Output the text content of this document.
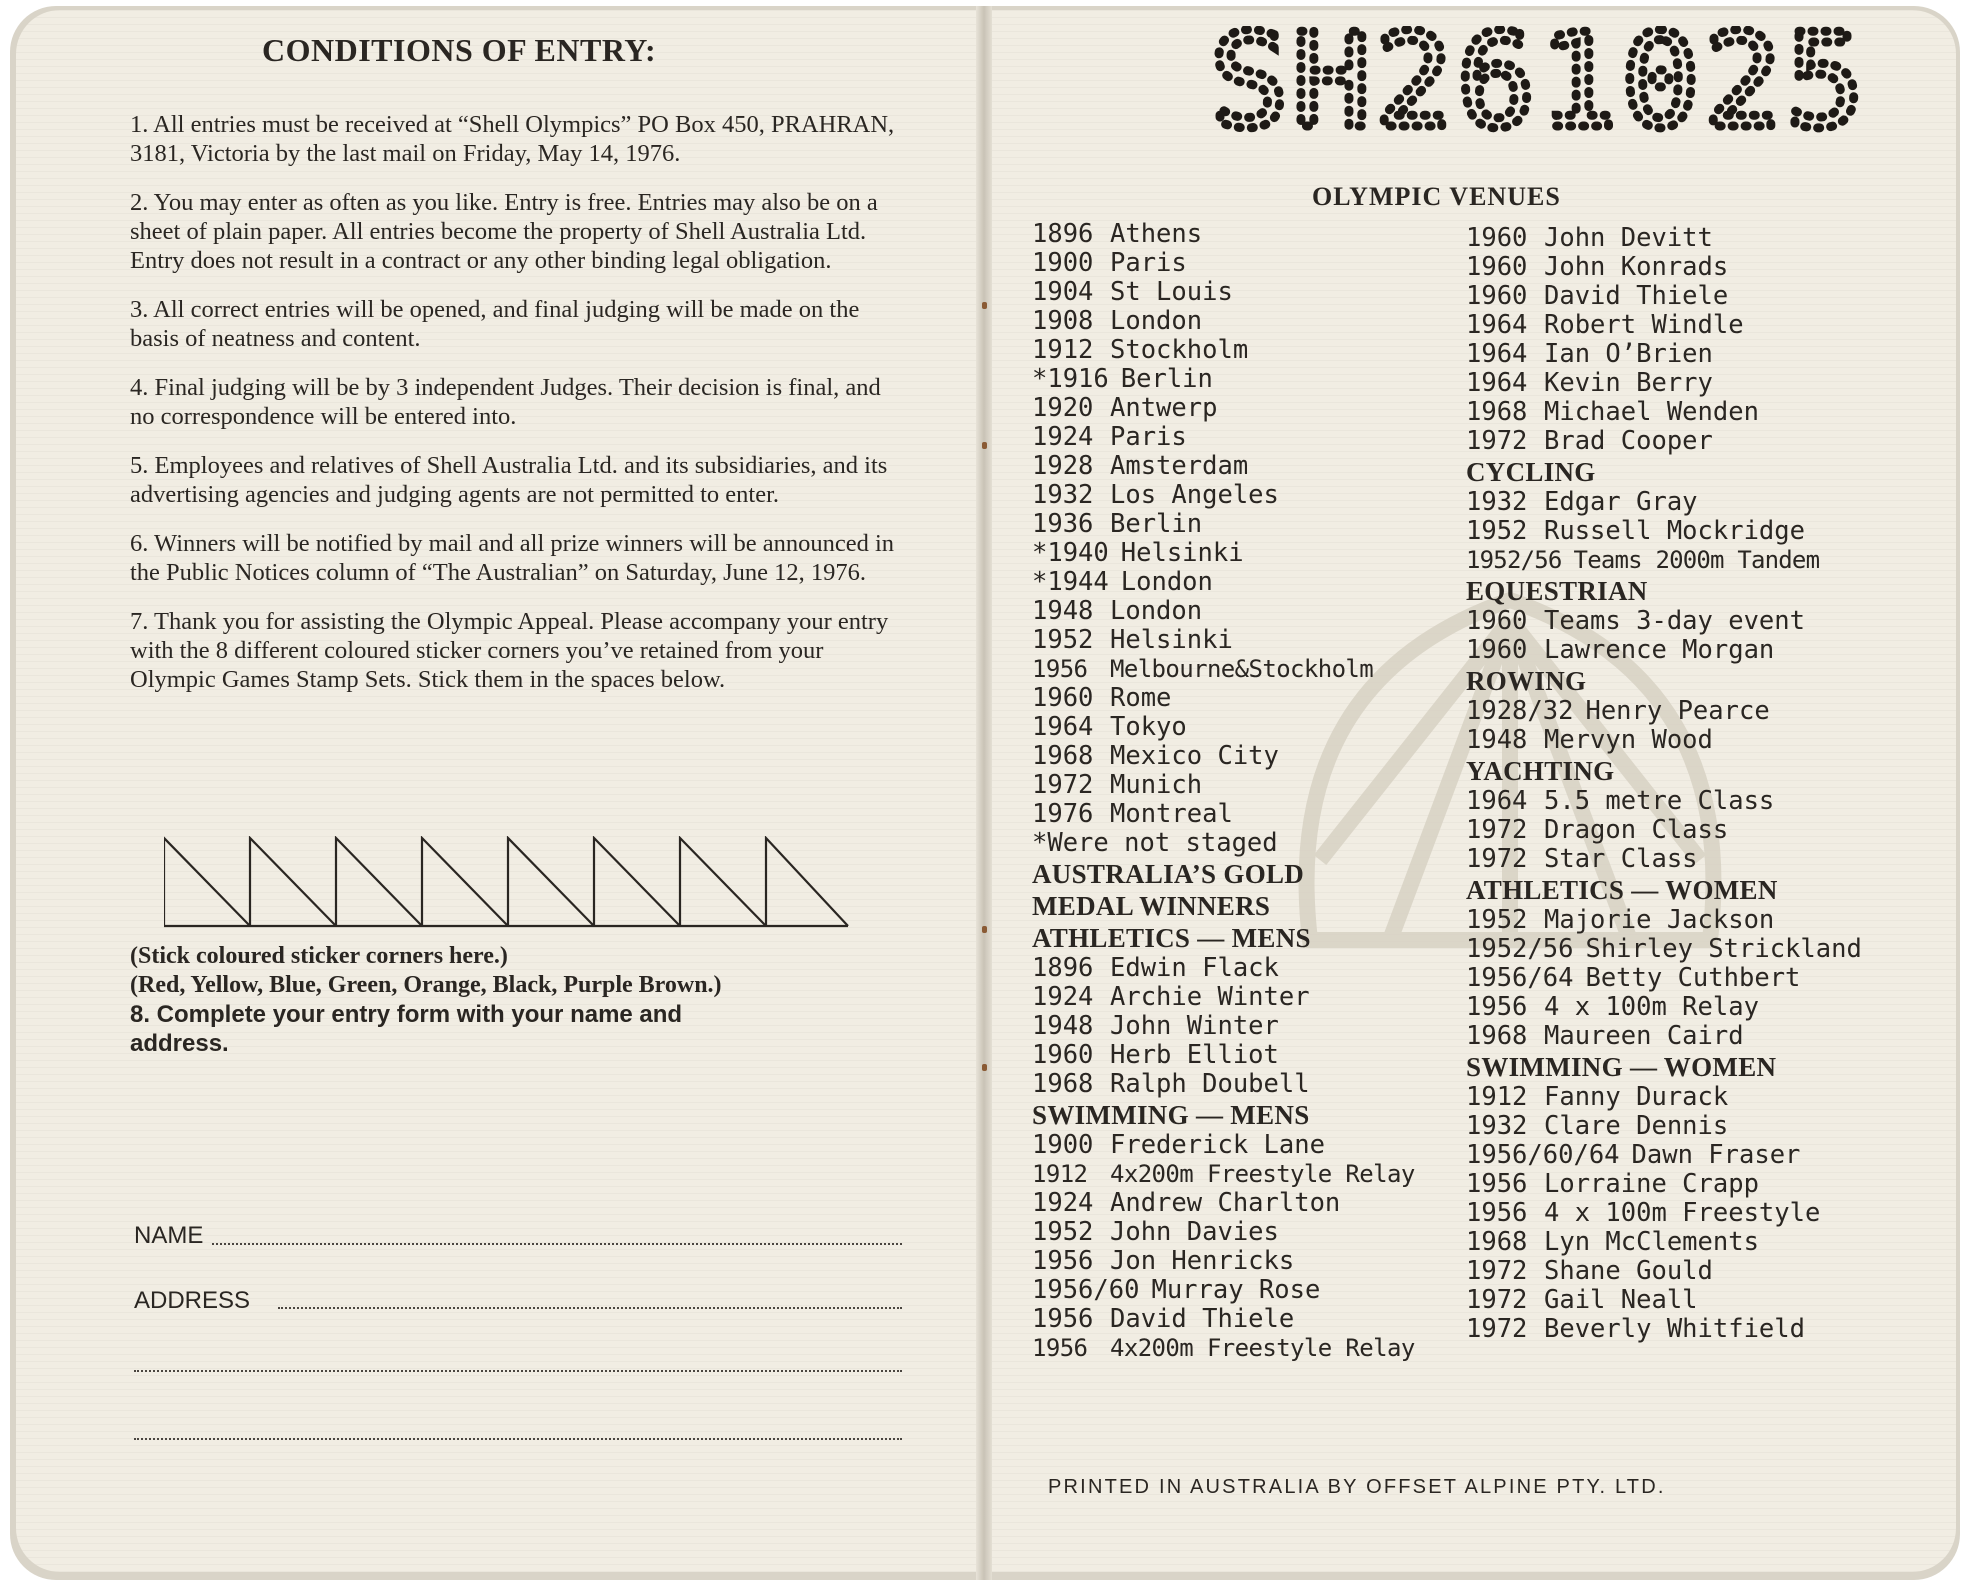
CONDITIONS OF ENTRY:

1. All entries must be received at “Shell Olympics” PO Box 450, PRAHRAN, 3181, Victoria by the last mail on Friday, May 14, 1976.

2. You may enter as often as you like. Entry is free. Entries may also be on a sheet of plain paper. All entries become the property of Shell Australia Ltd. Entry does not result in a contract or any other binding legal obligation.

3. All correct entries will be opened, and final judging will be made on the basis of neatness and content.

4. Final judging will be by 3 independent Judges. Their decision is final, and no correspondence will be entered into.

5. Employees and relatives of Shell Australia Ltd. and its subsidiaries, and its advertising agencies and judging agents are not permitted to enter.

6. Winners will be notified by mail and all prize winners will be announced in the Public Notices column of “The Australian” on Saturday, June 12, 1976.

7. Thank you for assisting the Olympic Appeal. Please accompany your entry with the 8 different coloured sticker corners you’ve retained from your Olympic Games Stamp Sets. Stick them in the spaces below.

(Stick coloured sticker corners here.)
(Red, Yellow, Blue, Green, Orange, Black, Purple Brown.)
8. Complete your entry form with your name and
address.
NAME
ADDRESS
SH261025
OLYMPIC VENUES
1896 Athens
1900 Paris
1904 St Louis
1908 London
1912 Stockholm
*1916 Berlin
1920 Antwerp
1924 Paris
1928 Amsterdam
1932 Los Angeles
1936 Berlin
*1940 Helsinki
*1944 London
1948 London
1952 Helsinki
1956 Melbourne&Stockholm
1960 Rome
1964 Tokyo
1968 Mexico City
1972 Munich
1976 Montreal
*Were not staged
AUSTRALIA’S GOLD
MEDAL WINNERS
ATHLETICS — MENS
1896 Edwin Flack
1924 Archie Winter
1948 John Winter
1960 Herb Elliot
1968 Ralph Doubell
SWIMMING — MENS
1900 Frederick Lane
1912 4x200m Freestyle Relay
1924 Andrew Charlton
1952 John Davies
1956 Jon Henricks
1956/60 Murray Rose
1956 David Thiele
1956 4x200m Freestyle Relay
1960 John Devitt
1960 John Konrads
1960 David Thiele
1964 Robert Windle
1964 Ian O’Brien
1964 Kevin Berry
1968 Michael Wenden
1972 Brad Cooper
CYCLING
1932 Edgar Gray
1952 Russell Mockridge
1952/56 Teams 2000m Tandem
EQUESTRIAN
1960 Teams 3-day event
1960 Lawrence Morgan
ROWING
1928/32 Henry Pearce
1948 Mervyn Wood
YACHTING
1964 5.5 metre Class
1972 Dragon Class
1972 Star Class
ATHLETICS — WOMEN
1952 Majorie Jackson
1952/56 Shirley Strickland
1956/64 Betty Cuthbert
1956 4 x 100m Relay
1968 Maureen Caird
SWIMMING — WOMEN
1912 Fanny Durack
1932 Clare Dennis
1956/60/64 Dawn Fraser
1956 Lorraine Crapp
1956 4 x 100m Freestyle
1968 Lyn McClements
1972 Shane Gould
1972 Gail Neall
1972 Beverly Whitfield
PRINTED IN AUSTRALIA BY OFFSET ALPINE PTY. LTD.
